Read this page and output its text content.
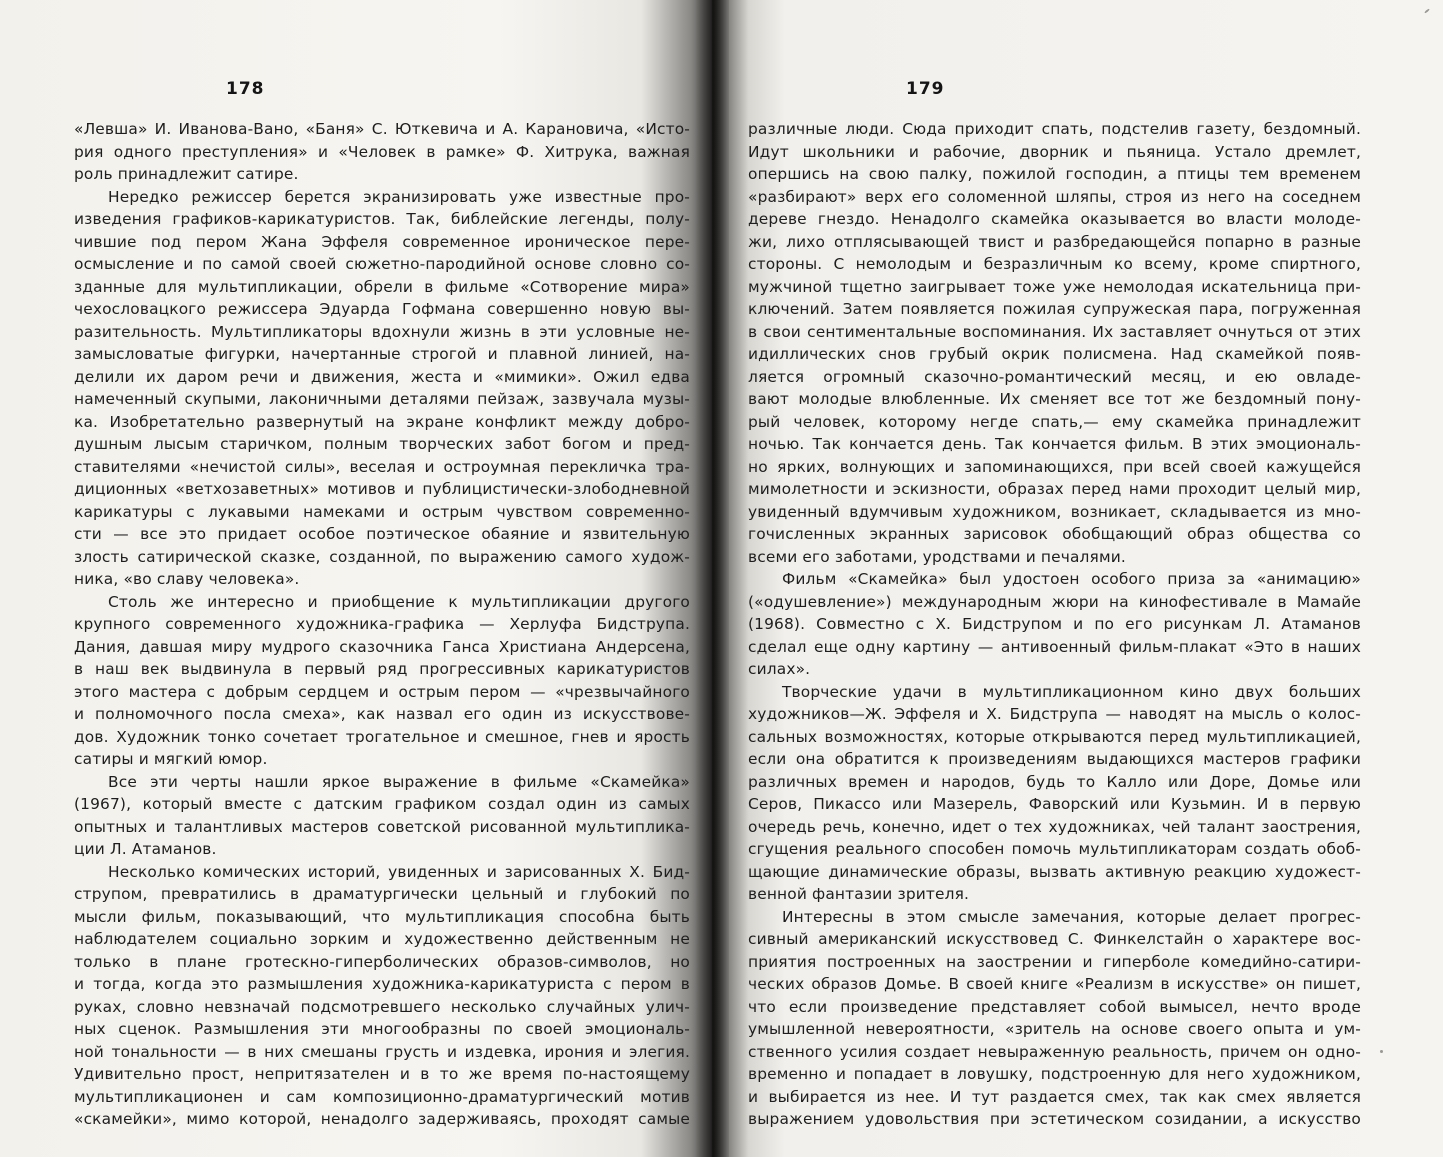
178
«Левша» И. Иванова-Вано, «Баня» С. Юткевича и А. Карановича, «Исто-
рия одного преступления» и «Человек в рамке» Ф. Хитрука, важная
роль принадлежит сатире.
Нередко режиссер берется экранизировать уже известные про-
изведения графиков-карикатуристов. Так, библейские легенды, полу-
чившие под пером Жана Эффеля современное ироническое пере-
осмысление и по самой своей сюжетно-пародийной основе словно со-
зданные для мультипликации, обрели в фильме «Сотворение мира»
чехословацкого режиссера Эдуарда Гофмана совершенно новую вы-
разительность. Мультипликаторы вдохнули жизнь в эти условные не-
замысловатые фигурки, начертанные строгой и плавной линией, на-
делили их даром речи и движения, жеста и «мимики». Ожил едва
намеченный скупыми, лаконичными деталями пейзаж, зазвучала музы-
ка. Изобретательно развернутый на экране конфликт между добро-
душным лысым старичком, полным творческих забот богом и пред-
ставителями «нечистой силы», веселая и остроумная перекличка тра-
диционных «ветхозаветных» мотивов и публицистически-злободневной
карикатуры с лукавыми намеками и острым чувством современно-
сти — все это придает особое поэтическое обаяние и язвительную
злость сатирической сказке, созданной, по выражению самого худож-
ника, «во славу человека».
Столь же интересно и приобщение к мультипликации другого
крупного современного художника-графика — Херлуфа Бидструпа.
Дания, давшая миру мудрого сказочника Ганса Христиана Андерсена,
в наш век выдвинула в первый ряд прогрессивных карикатуристов
этого мастера с добрым сердцем и острым пером — «чрезвычайного
и полномочного посла смеха», как назвал его один из искусствове-
дов. Художник тонко сочетает трогательное и смешное, гнев и ярость
сатиры и мягкий юмор.
Все эти черты нашли яркое выражение в фильме «Скамейка»
(1967), который вместе с датским графиком создал один из самых
опытных и талантливых мастеров советской рисованной мультиплика-
ции Л. Атаманов.
Несколько комических историй, увиденных и зарисованных Х. Бид-
струпом, превратились в драматургически цельный и глубокий по
мысли фильм, показывающий, что мультипликация способна быть
наблюдателем социально зорким и художественно действенным не
только в плане гротескно-гиперболических образов-символов, но
и тогда, когда это размышления художника-карикатуриста с пером в
руках, словно невзначай подсмотревшего несколько случайных улич-
ных сценок. Размышления эти многообразны по своей эмоциональ-
ной тональности — в них смешаны грусть и издевка, ирония и элегия.
Удивительно прост, непритязателен и в то же время по-настоящему
мультипликационен и сам композиционно-драматургический мотив
«скамейки», мимо которой, ненадолго задерживаясь, проходят самые
179
различные люди. Сюда приходит спать, подстелив газету, бездомный.
Идут школьники и рабочие, дворник и пьяница. Устало дремлет,
опершись на свою палку, пожилой господин, а птицы тем временем
«разбирают» верх его соломенной шляпы, строя из него на соседнем
дереве гнездо. Ненадолго скамейка оказывается во власти молоде-
жи, лихо отплясывающей твист и разбредающейся попарно в разные
стороны. С немолодым и безразличным ко всему, кроме спиртного,
мужчиной тщетно заигрывает тоже уже немолодая искательница при-
ключений. Затем появляется пожилая супружеская пара, погруженная
в свои сентиментальные воспоминания. Их заставляет очнуться от этих
идиллических снов грубый окрик полисмена. Над скамейкой появ-
ляется огромный сказочно-романтический месяц, и ею овладе-
вают молодые влюбленные. Их сменяет все тот же бездомный пону-
рый человек, которому негде спать,— ему скамейка принадлежит
ночью. Так кончается день. Так кончается фильм. В этих эмоциональ-
но ярких, волнующих и запоминающихся, при всей своей кажущейся
мимолетности и эскизности, образах перед нами проходит целый мир,
увиденный вдумчивым художником, возникает, складывается из мно-
гочисленных экранных зарисовок обобщающий образ общества со
всеми его заботами, уродствами и печалями.
Фильм «Скамейка» был удостоен особого приза за «анимацию»
(«одушевление») международным жюри на кинофестивале в Мамайе
(1968). Совместно с Х. Бидструпом и по его рисункам Л. Атаманов
сделал еще одну картину — антивоенный фильм-плакат «Это в наших
силах».
Творческие удачи в мультипликационном кино двух больших
художников—Ж. Эффеля и Х. Бидструпа — наводят на мысль о колос-
сальных возможностях, которые открываются перед мультипликацией,
если она обратится к произведениям выдающихся мастеров графики
различных времен и народов, будь то Калло или Доре, Домье или
Серов, Пикассо или Мазерель, Фаворский или Кузьмин. И в первую
очередь речь, конечно, идет о тех художниках, чей талант заострения,
сгущения реального способен помочь мультипликаторам создать обоб-
щающие динамические образы, вызвать активную реакцию художест-
венной фантазии зрителя.
Интересны в этом смысле замечания, которые делает прогрес-
сивный американский искусствовед С. Финкелстайн о характере вос-
приятия построенных на заострении и гиперболе комедийно-сатири-
ческих образов Домье. В своей книге «Реализм в искусстве» он пишет,
что если произведение представляет собой вымысел, нечто вроде
умышленной невероятности, «зритель на основе своего опыта и ум-
ственного усилия создает невыраженную реальность, причем он одно-
временно и попадает в ловушку, подстроенную для него художником,
и выбирается из нее. И тут раздается смех, так как смех является
выражением удовольствия при эстетическом созидании, а искусство
